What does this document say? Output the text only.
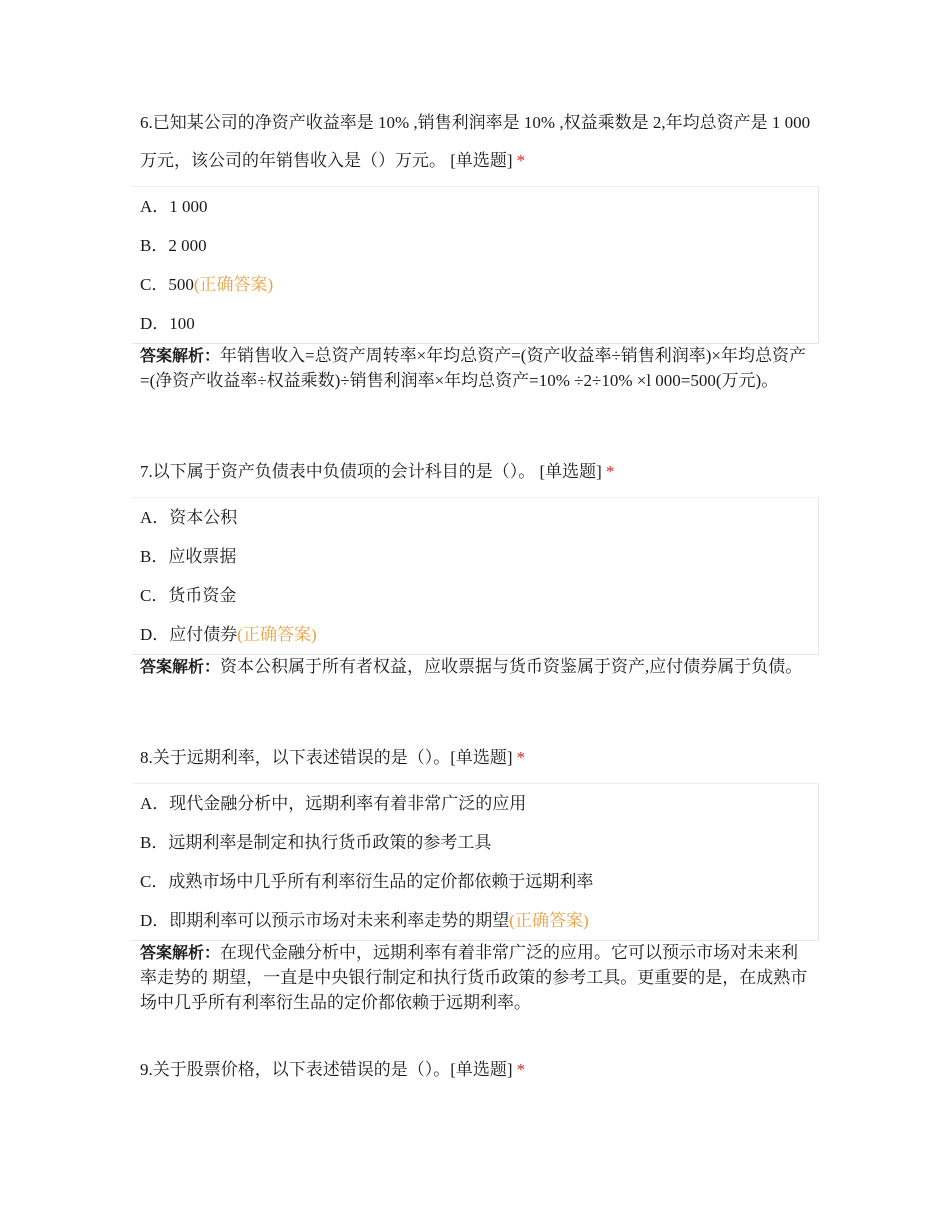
6.已知某公司的净资产收益率是 10% ,销售利润率是 10% ,权益乘数是 2,年均总资产是 1 000 万元，该公司的年销售收入是（）万元。 [单选题] *
A．1 000
B．2 000
C．500(正确答案)
D．100
答案解析：年销售收入=总资产周转率×年均总资产=(资产收益率÷销售利润率)×年均总资产=(净资产收益率÷权益乘数)÷销售利润率×年均总资产=10% ÷2÷10% ×l 000=500(万元)。
7.以下属于资产负债表中负债项的会计科目的是（）。 [单选题] *
A．资本公积
B．应收票据
C．货币资金
D．应付债券(正确答案)
答案解析：资本公积属于所有者权益，应收票据与货币资鉴属于资产,应付债券属于负债。
8.关于远期利率，以下表述错误的是（）。[单选题] *
A．现代金融分析中，远期利率有着非常广泛的应用
B．远期利率是制定和执行货币政策的参考工具
C．成熟市场中几乎所有利率衍生品的定价都依赖于远期利率
D．即期利率可以预示市场对未来利率走势的期望(正确答案)
答案解析：在现代金融分析中，远期利率有着非常广泛的应用。它可以预示市场对未来利率走势的 期望，一直是中央银行制定和执行货币政策的参考工具。更重要的是，在成熟市场中几乎所有利率衍生品的定价都依赖于远期利率。
9.关于股票价格，以下表述错误的是（）。[单选题] *
